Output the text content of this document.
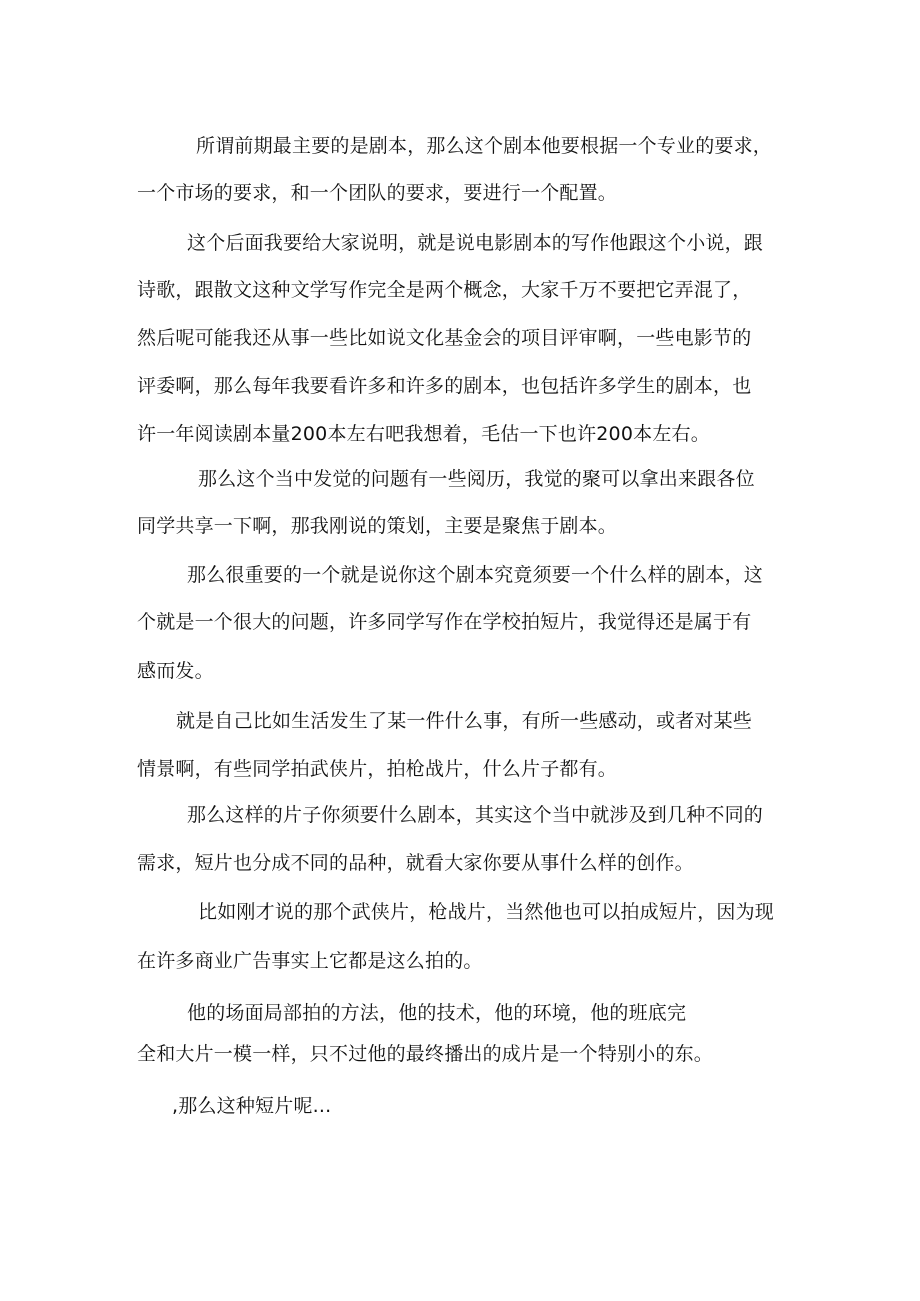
所谓前期最主要的是剧本，那么这个剧本他要根据一个专业的要求，
一个市场的要求，和一个团队的要求，要进行一个配置。
这个后面我要给大家说明，就是说电影剧本的写作他跟这个小说，跟
诗歌，跟散文这种文学写作完全是两个概念，大家千万不要把它弄混了，
然后呢可能我还从事一些比如说文化基金会的项目评审啊，一些电影节的
评委啊，那么每年我要看许多和许多的剧本，也包括许多学生的剧本，也
许一年阅读剧本量200本左右吧我想着，毛估一下也许200本左右。
那么这个当中发觉的问题有一些阅历，我觉的聚可以拿出来跟各位
同学共享一下啊，那我刚说的策划，主要是聚焦于剧本。
那么很重要的一个就是说你这个剧本究竟须要一个什么样的剧本，这
个就是一个很大的问题，许多同学写作在学校拍短片，我觉得还是属于有
感而发。
就是自己比如生活发生了某一件什么事，有所一些感动，或者对某些
情景啊，有些同学拍武侠片，拍枪战片，什么片子都有。
那么这样的片子你须要什么剧本，其实这个当中就涉及到几种不同的
需求，短片也分成不同的品种，就看大家你要从事什么样的创作。
比如刚才说的那个武侠片，枪战片，当然他也可以拍成短片，因为现
在许多商业广告事实上它都是这么拍的。
他的场面局部拍的方法，他的技术，他的环境，他的班底完
全和大片一模一样，只不过他的最终播出的成片是一个特别小的东。
,那么这种短片呢...
